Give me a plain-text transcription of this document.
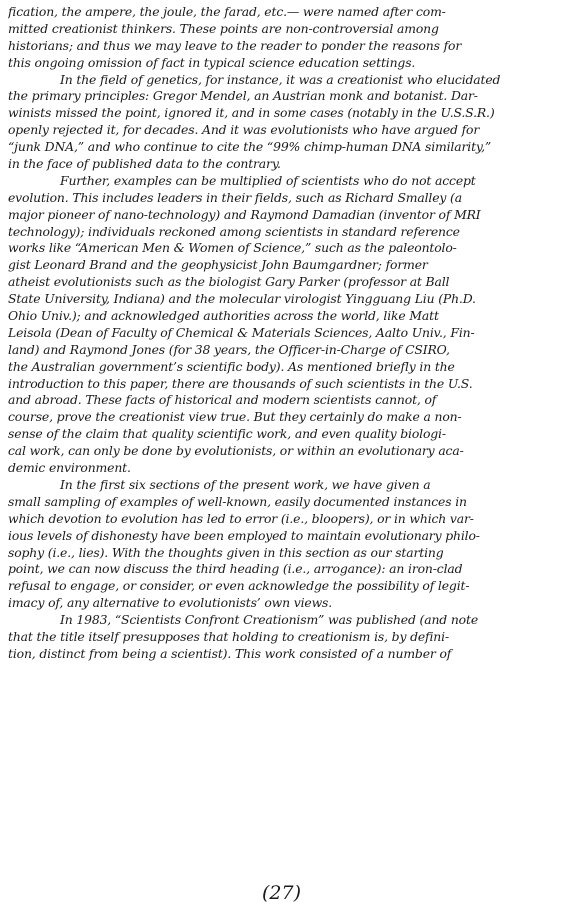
fication, the ampere, the joule, the farad, etc.— were named after com-
mitted creationist thinkers. These points are non-controversial among
historians; and thus we may leave to the reader to ponder the reasons for
this ongoing omission of fact in typical science education settings.
In the field of genetics, for instance, it was a creationist who elucidated
the primary principles: Gregor Mendel, an Austrian monk and botanist. Dar-
winists missed the point, ignored it, and in some cases (notably in the U.S.S.R.)
openly rejected it, for decades. And it was evolutionists who have argued for
“junk DNA,” and who continue to cite the “99% chimp-human DNA similarity,”
in the face of published data to the contrary.
Further, examples can be multiplied of scientists who do not accept
evolution. This includes leaders in their fields, such as Richard Smalley (a
major pioneer of nano-technology) and Raymond Damadian (inventor of MRI
technology); individuals reckoned among scientists in standard reference
works like “American Men & Women of Science,” such as the paleontolo-
gist Leonard Brand and the geophysicist John Baumgardner; former
atheist evolutionists such as the biologist Gary Parker (professor at Ball
State University, Indiana) and the molecular virologist Yingguang Liu (Ph.D.
Ohio Univ.); and acknowledged authorities across the world, like Matt
Leisola (Dean of Faculty of Chemical & Materials Sciences, Aalto Univ., Fin-
land) and Raymond Jones (for 38 years, the Officer-in-Charge of CSIRO,
the Australian government’s scientific body). As mentioned briefly in the
introduction to this paper, there are thousands of such scientists in the U.S.
and abroad. These facts of historical and modern scientists cannot, of
course, prove the creationist view true. But they certainly do make a non-
sense of the claim that quality scientific work, and even quality biologi-
cal work, can only be done by evolutionists, or within an evolutionary aca-
demic environment.
In the first six sections of the present work, we have given a
small sampling of examples of well-known, easily documented instances in
which devotion to evolution has led to error (i.e., bloopers), or in which var-
ious levels of dishonesty have been employed to maintain evolutionary philo-
sophy (i.e., lies). With the thoughts given in this section as our starting
point, we can now discuss the third heading (i.e., arrogance): an iron-clad
refusal to engage, or consider, or even acknowledge the possibility of legit-
imacy of, any alternative to evolutionists’ own views.
In 1983, “Scientists Confront Creationism” was published (and note
that the title itself presupposes that holding to creationism is, by defini-
tion, distinct from being a scientist). This work consisted of a number of
(27)
